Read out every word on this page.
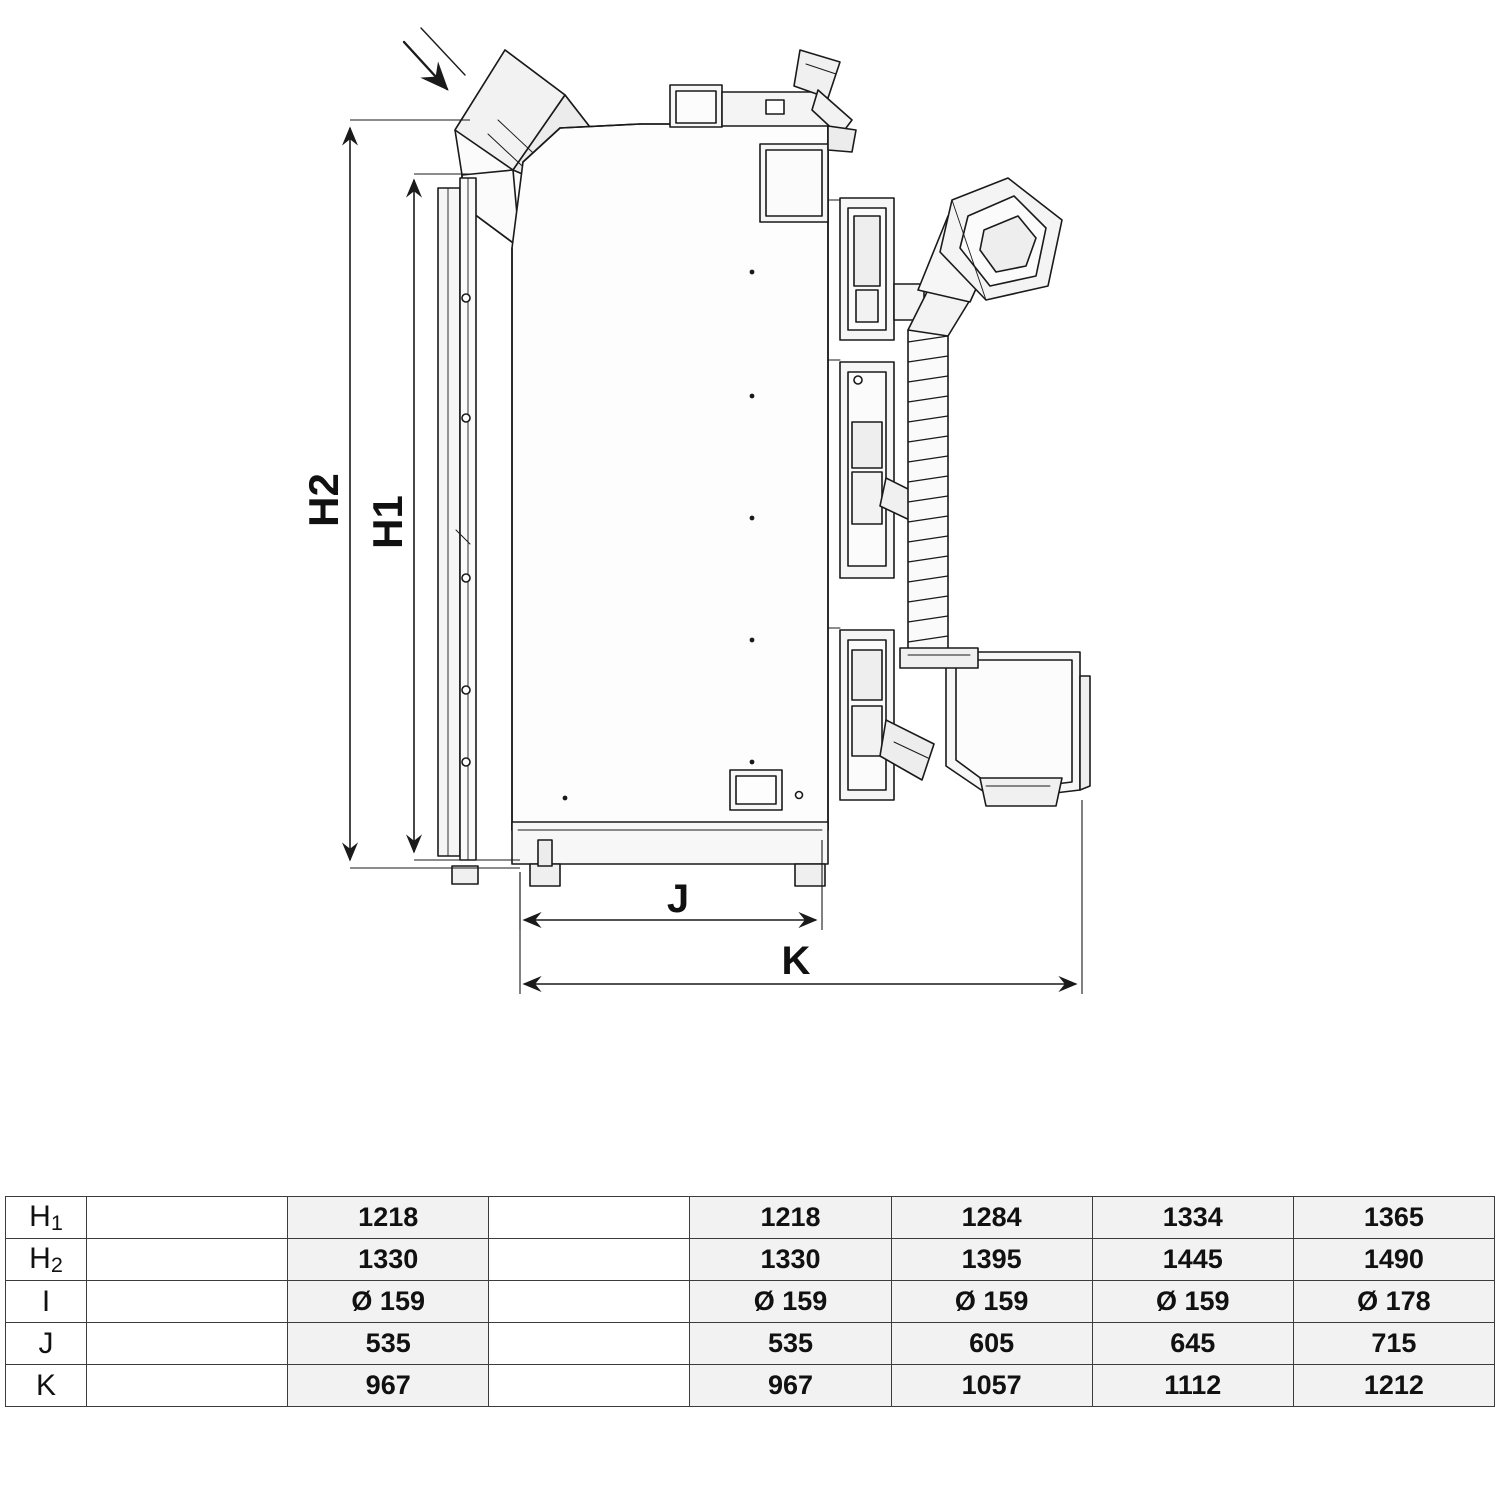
H2 H1
J
K
H1		1218		1218	1284	1334	1365
H2		1330		1330	1395	1445	1490
I		Ø 159		Ø 159	Ø 159	Ø 159	Ø 178
J		535		535	605	645	715
K		967		967	1057	1112	1212
